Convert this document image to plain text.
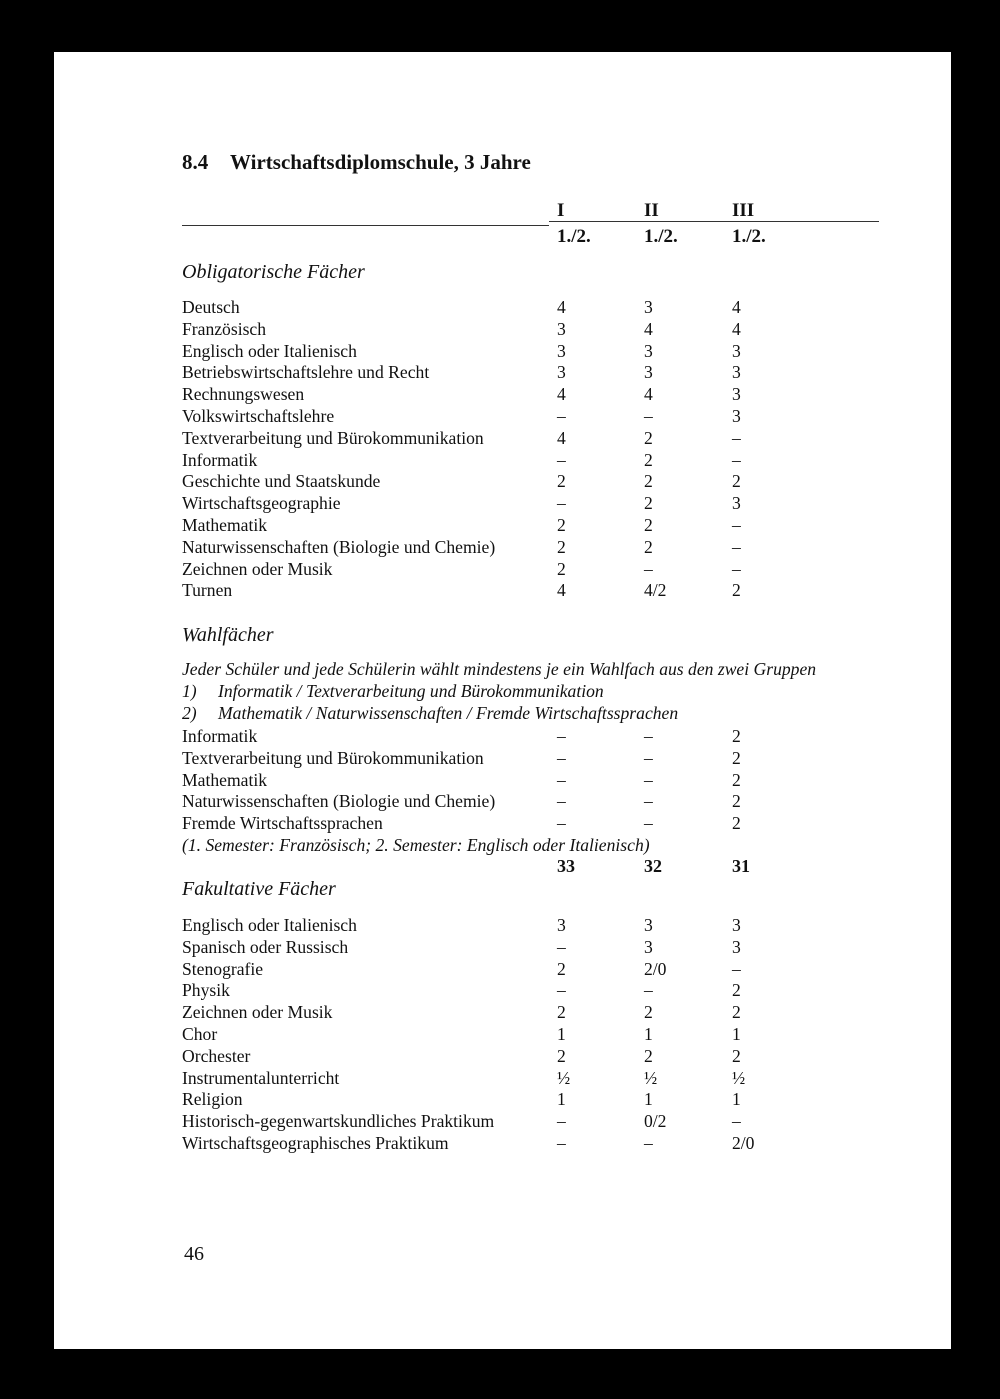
8.4 Wirtschaftsdiplomschule, 3 Jahre
I	II	III
1./2.	1./2.	1./2.
Obligatorische Fächer
Deutsch	4	3	4
Französisch	3	4	4
Englisch oder Italienisch	3	3	3
Betriebswirtschaftslehre und Recht	3	3	3
Rechnungswesen	4	4	3
Volkswirtschaftslehre	–	–	3
Textverarbeitung und Bürokommunikation	4	2	–
Informatik	–	2	–
Geschichte und Staatskunde	2	2	2
Wirtschaftsgeographie	–	2	3
Mathematik	2	2	–
Naturwissenschaften (Biologie und Chemie)	2	2	–
Zeichnen oder Musik	2	–	–
Turnen	4	4/2	2
Wahlfächer
Jeder Schüler und jede Schülerin wählt mindestens je ein Wahlfach aus den zwei Gruppen
1) Informatik / Textverarbeitung und Bürokommunikation
2) Mathematik / Naturwissenschaften / Fremde Wirtschaftssprachen
Informatik	–	–	2
Textverarbeitung und Bürokommunikation	–	–	2
Mathematik	–	–	2
Naturwissenschaften (Biologie und Chemie)	–	–	2
Fremde Wirtschaftssprachen	–	–	2
(1. Semester: Französisch; 2. Semester: Englisch oder Italienisch)
33	32	31
Fakultative Fächer
Englisch oder Italienisch	3	3	3
Spanisch oder Russisch	–	3	3
Stenografie	2	2/0	–
Physik	–	–	2
Zeichnen oder Musik	2	2	2
Chor	1	1	1
Orchester	2	2	2
Instrumentalunterricht	½	½	½
Religion	1	1	1
Historisch-gegenwartskundliches Praktikum	–	0/2	–
Wirtschaftsgeographisches Praktikum	–	–	2/0
46
